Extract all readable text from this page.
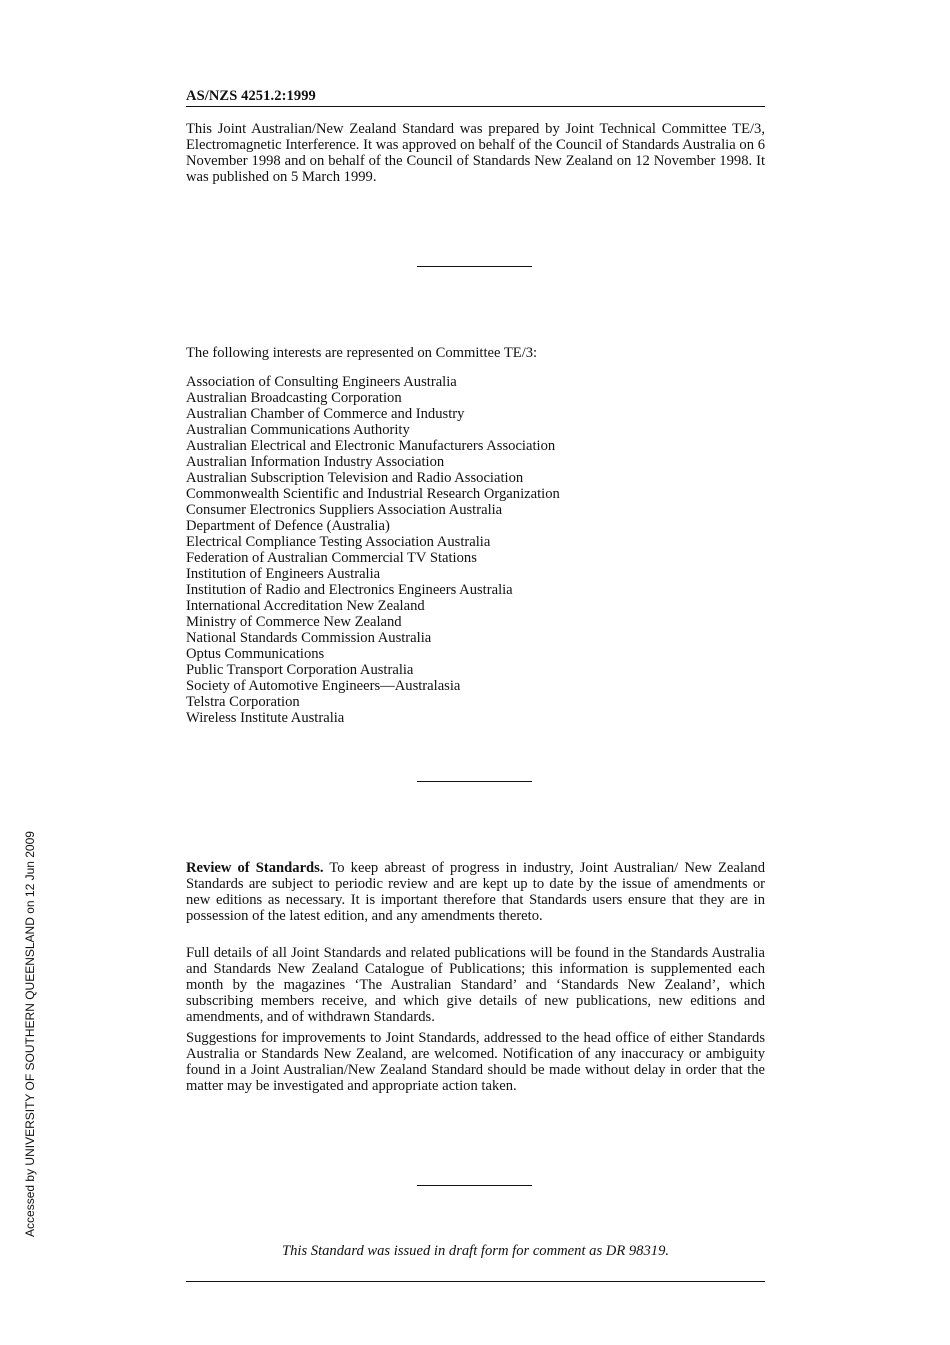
AS/NZS 4251.2:1999

This Joint Australian/New Zealand Standard was prepared by Joint Technical Committee TE/3, Electromagnetic Interference. It was approved on behalf of the Council of Standards Australia on 6 November 1998 and on behalf of the Council of Standards New Zealand on 12 November 1998. It was published on 5 March 1999.

The following interests are represented on Committee TE/3:
Association of Consulting Engineers Australia
Australian Broadcasting Corporation
Australian Chamber of Commerce and Industry
Australian Communications Authority
Australian Electrical and Electronic Manufacturers Association
Australian Information Industry Association
Australian Subscription Television and Radio Association
Commonwealth Scientific and Industrial Research Organization
Consumer Electronics Suppliers Association Australia
Department of Defence (Australia)
Electrical Compliance Testing Association Australia
Federation of Australian Commercial TV Stations
Institution of Engineers Australia
Institution of Radio and Electronics Engineers Australia
International Accreditation New Zealand
Ministry of Commerce New Zealand
National Standards Commission Australia
Optus Communications
Public Transport Corporation Australia
Society of Automotive Engineers—Australasia
Telstra Corporation
Wireless Institute Australia

Review of Standards. To keep abreast of progress in industry, Joint Australian/ New Zealand Standards are subject to periodic review and are kept up to date by the issue of amendments or new editions as necessary. It is important therefore that Standards users ensure that they are in possession of the latest edition, and any amendments thereto.

Full details of all Joint Standards and related publications will be found in the Standards Australia and Standards New Zealand Catalogue of Publications; this information is supplemented each month by the magazines ‘The Australian Standard’ and ‘Standards New Zealand’, which subscribing members receive, and which give details of new publications, new editions and amendments, and of withdrawn Standards.

Suggestions for improvements to Joint Standards, addressed to the head office of either Standards Australia or Standards New Zealand, are welcomed. Notification of any inaccuracy or ambiguity found in a Joint Australian/New Zealand Standard should be made without delay in order that the matter may be investigated and appropriate action taken.

This Standard was issued in draft form for comment as DR 98319.
Accessed by UNIVERSITY OF SOUTHERN QUEENSLAND on 12 Jun 2009
